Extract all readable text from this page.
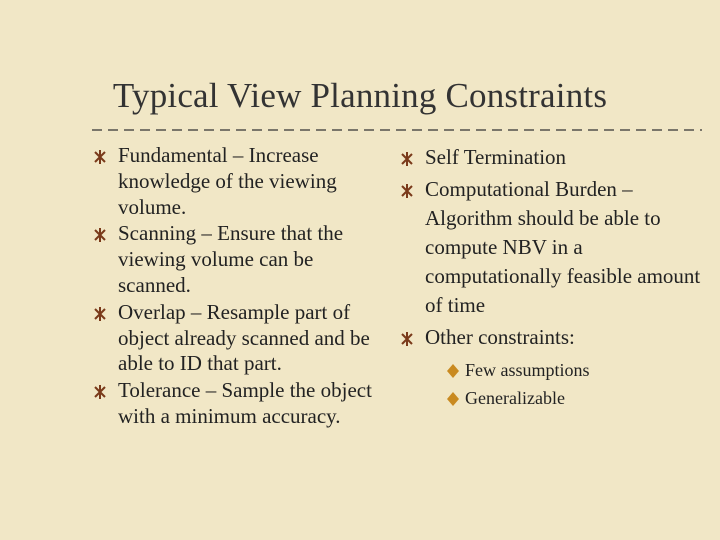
Typical View Planning Constraints
Fundamental – Increase knowledge of the viewing volume.
Scanning – Ensure that the viewing volume can be scanned.
Overlap – Resample part of object already scanned and be able to ID that part.
Tolerance – Sample the object with a minimum accuracy.
Self Termination
Computational Burden – Algorithm should be able to compute NBV in a computationally feasible amount of time
Other constraints:
Few assumptions
Generalizable
